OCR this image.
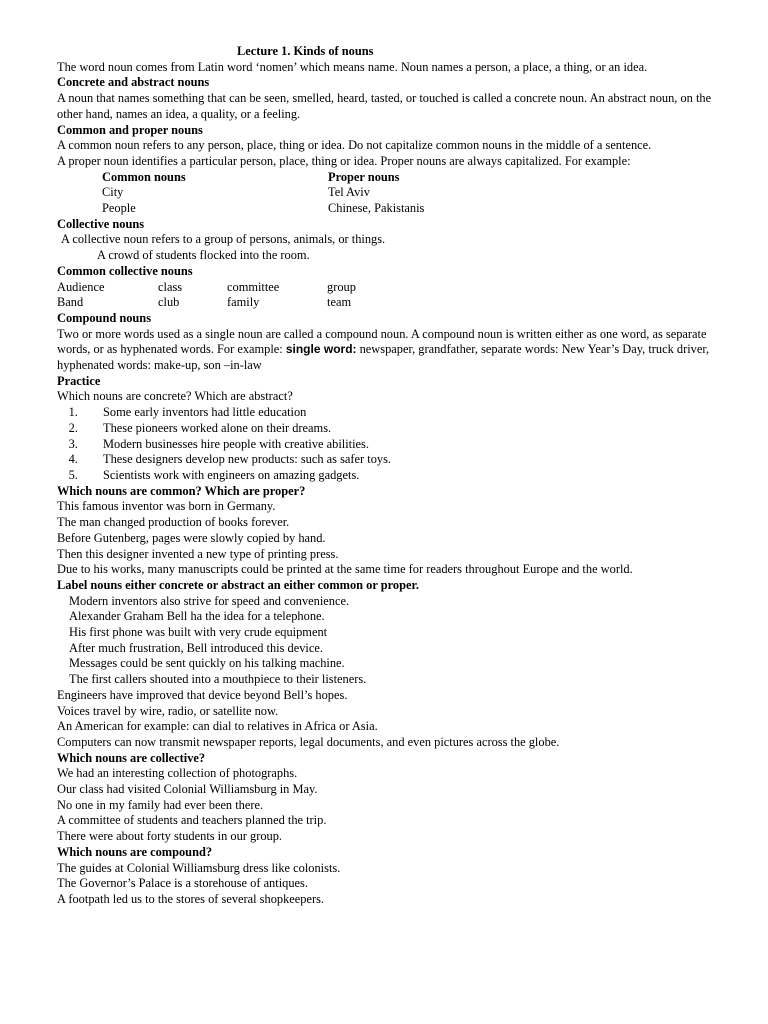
Lecture 1. Kinds of nouns
The word noun comes from Latin word ‘nomen’ which means name. Noun names a person, a place, a thing, or an idea.
Concrete and abstract nouns
A noun that names something that can be seen, smelled, heard, tasted, or touched is called a concrete noun. An abstract noun, on the other hand, names an idea, a quality, or a feeling.
Common and proper nouns
A common noun refers to any person, place, thing or idea. Do not capitalize common nouns in the middle of a sentence.
A proper noun identifies a particular person, place, thing or idea. Proper nouns are always capitalized. For example:
Common nouns	Proper nouns
City	Tel Aviv
People	Chinese, Pakistanis
Collective nouns
A collective noun refers to a group of persons, animals, or things.
A crowd of students flocked into the room.
Common collective nouns
Audience	class	committee	group
Band	club	family	team
Compound nouns
Two or more words used as a single noun are called a compound noun. A compound noun is written either as one word, as separate words, or as hyphenated words. For example: single word: newspaper, grandfather, separate words: New Year’s Day, truck driver, hyphenated words: make-up, son –in-law
Practice
Which nouns are concrete? Which are abstract?
1. Some early inventors had little education
2. These pioneers worked alone on their dreams.
3. Modern businesses hire people with creative abilities.
4. These designers develop new products: such as safer toys.
5. Scientists work with engineers on amazing gadgets.
Which nouns are common? Which are proper?
This famous inventor was born in Germany.
The man changed production of books forever.
Before Gutenberg, pages were slowly copied by hand.
Then this designer invented a new type of printing press.
Due to his works, many manuscripts could be printed at the same time for readers throughout Europe and the world.
Label nouns either concrete or abstract an either common or proper.
Modern inventors also strive for speed and convenience.
Alexander Graham Bell ha the idea for a telephone.
His first phone was built with very crude equipment
After much frustration, Bell introduced this device.
Messages could be sent quickly on his talking machine.
The first callers shouted into a mouthpiece to their listeners.
Engineers have improved that device beyond Bell’s hopes.
Voices travel by wire, radio, or satellite now.
An American for example: can dial to relatives in Africa or Asia.
Computers can now transmit newspaper reports, legal documents, and even pictures across the globe.
Which nouns are collective?
We had an interesting collection of photographs.
Our class had visited Colonial Williamsburg in May.
No one in my family had ever been there.
A committee of students and teachers planned the trip.
There were about forty students in our group.
Which nouns are compound?
The guides at Colonial Williamsburg dress like colonists.
The Governor’s Palace is a storehouse of antiques.
A footpath led us to the stores of several shopkeepers.
